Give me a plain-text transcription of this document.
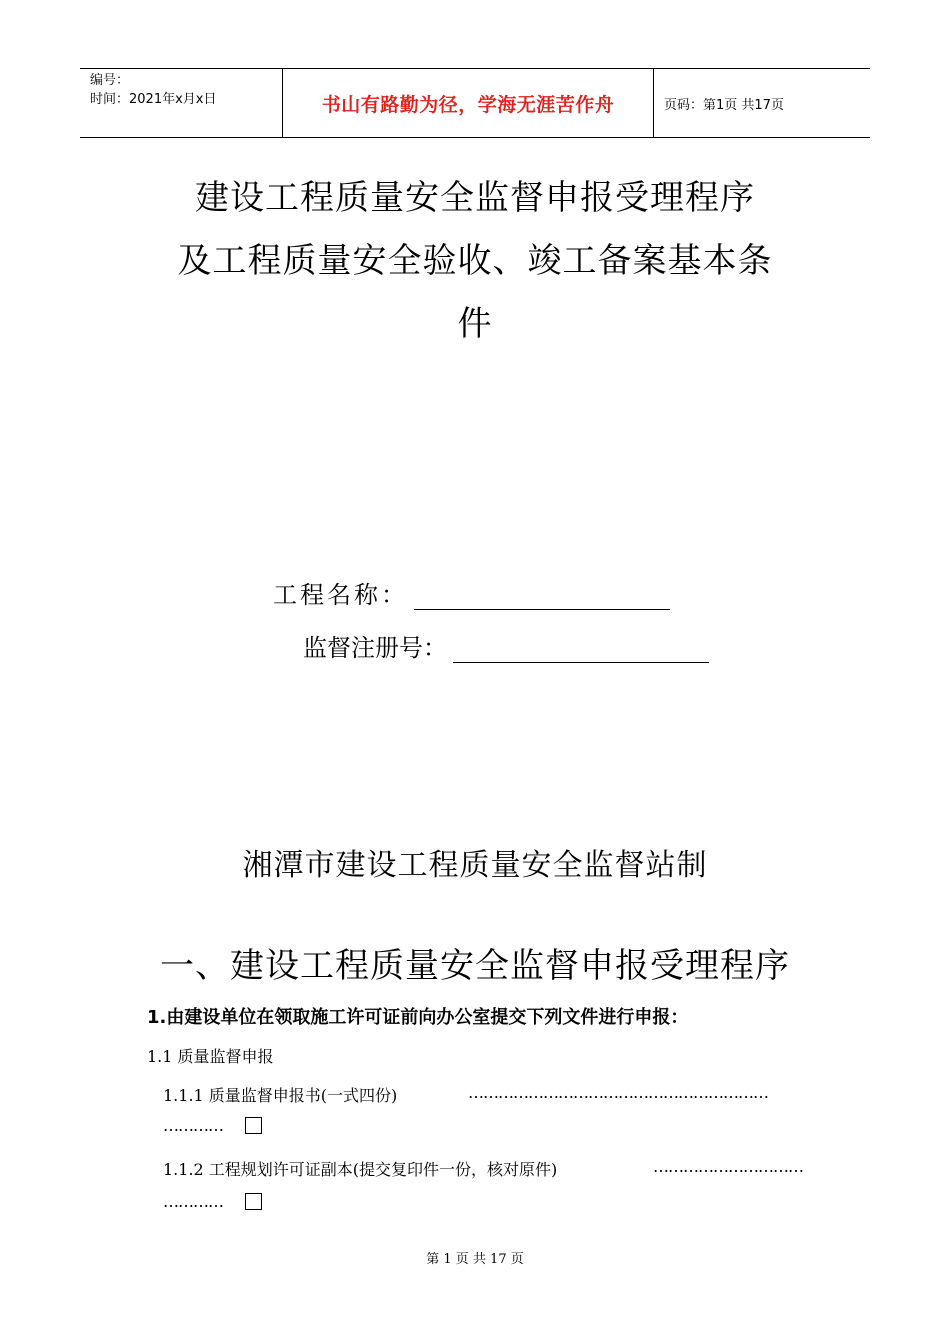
编号：
时间：2021年x月x日	书山有路勤为径，学海无涯苦作舟	页码：第1页 共17页
建设工程质量安全监督申报受理程序
及工程质量安全验收、竣工备案基本条
件
工程名称：
监督注册号：
湘潭市建设工程质量安全监督站制
一、建设工程质量安全监督申报受理程序
1.由建设单位在领取施工许可证前向办公室提交下列文件进行申报：
1.1 质量监督申报
1.1.1 质量监督申报书(一式四份)	……………………………………………………
…………
1.1.2 工程规划许可证副本(提交复印件一份，核对原件)	…………………………
…………
第 1 页 共 17 页
